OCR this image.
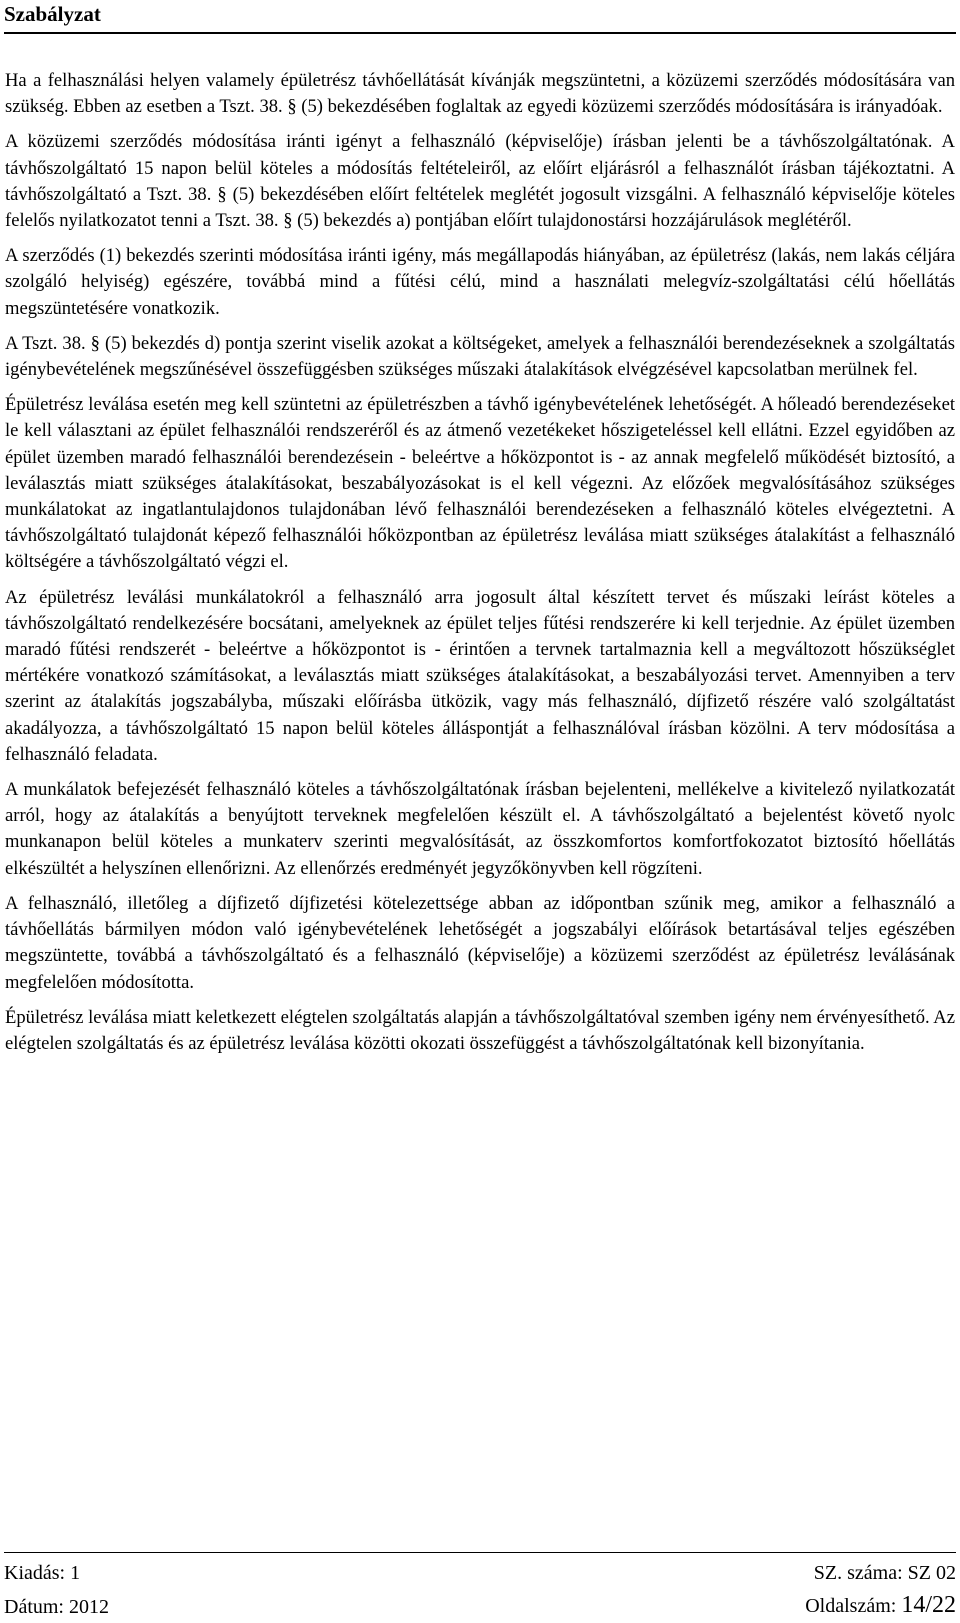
Szabályzat

Ha a felhasználási helyen valamely épületrész távhőellátását kívánják megszüntetni, a közüzemi szerződés módosítására van szükség. Ebben az esetben a Tszt. 38. § (5) bekezdésében foglaltak az egyedi közüzemi szerződés módosítására is irányadóak.

A közüzemi szerződés módosítása iránti igényt a felhasználó (képviselője) írásban jelenti be a távhőszolgáltatónak. A távhőszolgáltató 15 napon belül köteles a módosítás feltételeiről, az előírt eljárásról a felhasználót írásban tájékoztatni. A távhőszolgáltató a Tszt. 38. § (5) bekezdésében előírt feltételek meglétét jogosult vizsgálni. A felhasználó képviselője köteles felelős nyilatkozatot tenni a Tszt. 38. § (5) bekezdés a) pontjában előírt tulajdonostársi hozzájárulások meglétéről.

A szerződés (1) bekezdés szerinti módosítása iránti igény, más megállapodás hiányában, az épületrész (lakás, nem lakás céljára szolgáló helyiség) egészére, továbbá mind a fűtési célú, mind a használati melegvíz-szolgáltatási célú hőellátás megszüntetésére vonatkozik.

A Tszt. 38. § (5) bekezdés d) pontja szerint viselik azokat a költségeket, amelyek a felhasználói berendezéseknek a szolgáltatás igénybevételének megszűnésével összefüggésben szükséges műszaki átalakítások elvégzésével kapcsolatban merülnek fel.

Épületrész leválása esetén meg kell szüntetni az épületrészben a távhő igénybevételének lehetőségét. A hőleadó berendezéseket le kell választani az épület felhasználói rendszeréről és az átmenő vezetékeket hőszigeteléssel kell ellátni. Ezzel egyidőben az épület üzemben maradó felhasználói berendezésein - beleértve a hőközpontot is - az annak megfelelő működését biztosító, a leválasztás miatt szükséges átalakításokat, beszabályozásokat is el kell végezni. Az előzőek megvalósításához szükséges munkálatokat az ingatlantulajdonos tulajdonában lévő felhasználói berendezéseken a felhasználó köteles elvégeztetni. A távhőszolgáltató tulajdonát képező felhasználói hőközpontban az épületrész leválása miatt szükséges átalakítást a felhasználó költségére a távhőszolgáltató végzi el.

Az épületrész leválási munkálatokról a felhasználó arra jogosult által készített tervet és műszaki leírást köteles a távhőszolgáltató rendelkezésére bocsátani, amelyeknek az épület teljes fűtési rendszerére ki kell terjednie. Az épület üzemben maradó fűtési rendszerét - beleértve a hőközpontot is - érintően a tervnek tartalmaznia kell a megváltozott hőszükséglet mértékére vonatkozó számításokat, a leválasztás miatt szükséges átalakításokat, a beszabályozási tervet. Amennyiben a terv szerint az átalakítás jogszabályba, műszaki előírásba ütközik, vagy más felhasználó, díjfizető részére való szolgáltatást akadályozza, a távhőszolgáltató 15 napon belül köteles álláspontját a felhasználóval írásban közölni. A terv módosítása a felhasználó feladata.

A munkálatok befejezését felhasználó köteles a távhőszolgáltatónak írásban bejelenteni, mellékelve a kivitelező nyilatkozatát arról, hogy az átalakítás a benyújtott terveknek megfelelően készült el. A távhőszolgáltató a bejelentést követő nyolc munkanapon belül köteles a munkaterv szerinti megvalósítását, az összkomfortos komfortfokozatot biztosító hőellátás elkészültét a helyszínen ellenőrizni. Az ellenőrzés eredményét jegyzőkönyvben kell rögzíteni.

A felhasználó, illetőleg a díjfizető díjfizetési kötelezettsége abban az időpontban szűnik meg, amikor a felhasználó a távhőellátás bármilyen módon való igénybevételének lehetőségét a jogszabályi előírások betartásával teljes egészében megszüntette, továbbá a távhőszolgáltató és a felhasználó (képviselője) a közüzemi szerződést az épületrész leválásának megfelelően módosította.

Épületrész leválása miatt keletkezett elégtelen szolgáltatás alapján a távhőszolgáltatóval szemben igény nem érvényesíthető. Az elégtelen szolgáltatás és az épületrész leválása közötti okozati összefüggést a távhőszolgáltatónak kell bizonyítania.

Kiadás: 1
Dátum: 2012
SZ. száma: SZ 02
Oldalszám: 14/22
